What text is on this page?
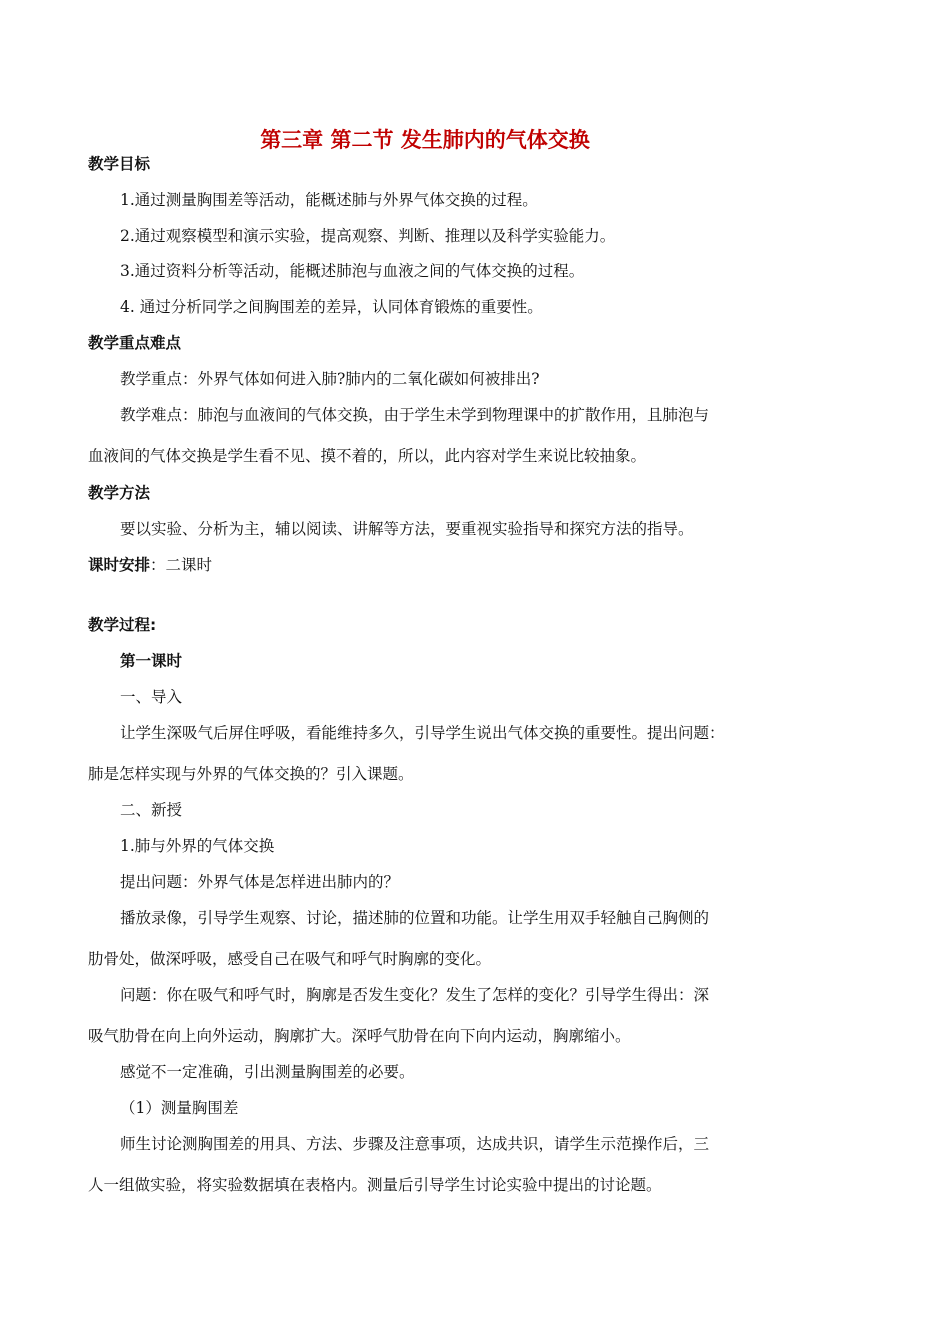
第三章 第二节 发生肺内的气体交换
教学目标
1.通过测量胸围差等活动，能概述肺与外界气体交换的过程。
2.通过观察模型和演示实验，提高观察、判断、推理以及科学实验能力。
3.通过资料分析等活动，能概述肺泡与血液之间的气体交换的过程。
4. 通过分析同学之间胸围差的差异，认同体育锻炼的重要性。
教学重点难点
教学重点：外界气体如何进入肺?肺内的二氧化碳如何被排出?
教学难点：肺泡与血液间的气体交换，由于学生未学到物理课中的扩散作用，且肺泡与
血液间的气体交换是学生看不见、摸不着的，所以，此内容对学生来说比较抽象。
教学方法
要以实验、分析为主，辅以阅读、讲解等方法，要重视实验指导和探究方法的指导。
课时安排：二课时
教学过程:
第一课时
一、导入
让学生深吸气后屏住呼吸，看能维持多久，引导学生说出气体交换的重要性。提出问题：
肺是怎样实现与外界的气体交换的？引入课题。
二、新授
1.肺与外界的气体交换
提出问题：外界气体是怎样进出肺内的？
播放录像，引导学生观察、讨论，描述肺的位置和功能。让学生用双手轻触自己胸侧的
肋骨处，做深呼吸，感受自己在吸气和呼气时胸廓的变化。
问题：你在吸气和呼气时，胸廓是否发生变化？发生了怎样的变化？引导学生得出：深
吸气肋骨在向上向外运动，胸廓扩大。深呼气肋骨在向下向内运动，胸廓缩小。
感觉不一定准确，引出测量胸围差的必要。
（1）测量胸围差
师生讨论测胸围差的用具、方法、步骤及注意事项，达成共识，请学生示范操作后，三
人一组做实验，将实验数据填在表格内。测量后引导学生讨论实验中提出的讨论题。
